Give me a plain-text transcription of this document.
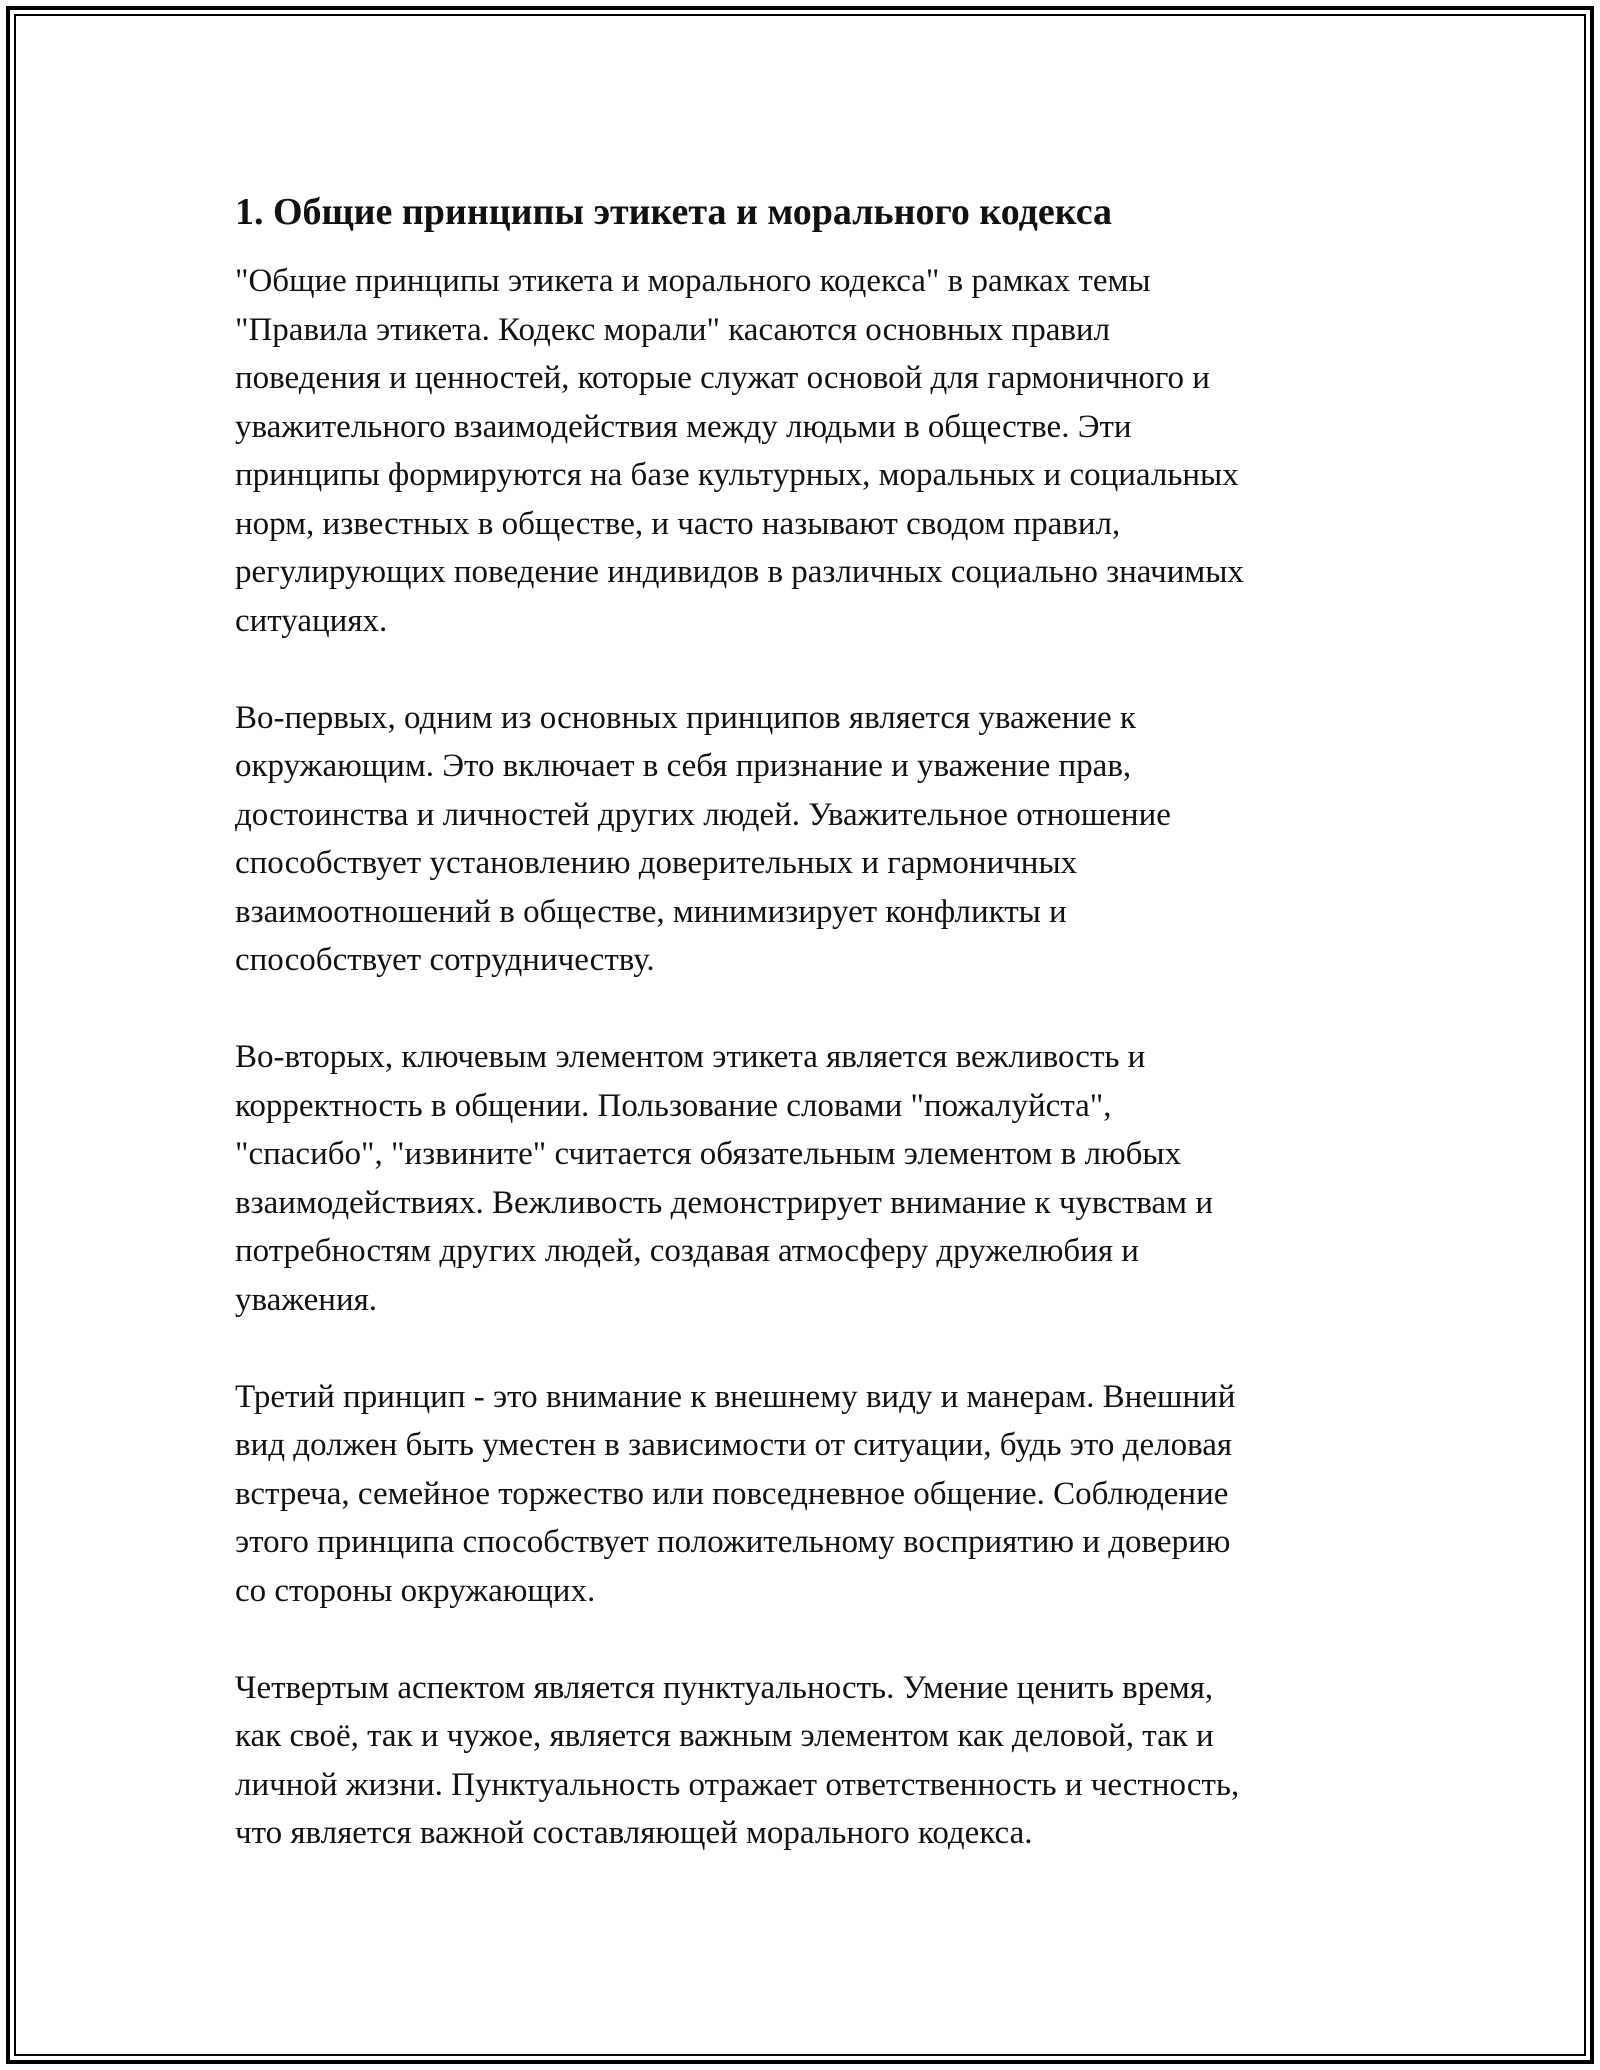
1. Общие принципы этикета и морального кодекса

"Общие принципы этикета и морального кодекса" в рамках темы
"Правила этикета. Кодекс морали" касаются основных правил
поведения и ценностей, которые служат основой для гармоничного и
уважительного взаимодействия между людьми в обществе. Эти
принципы формируются на базе культурных, моральных и социальных
норм, известных в обществе, и часто называют сводом правил,
регулирующих поведение индивидов в различных социально значимых
ситуациях.

Во-первых, одним из основных принципов является уважение к
окружающим. Это включает в себя признание и уважение прав,
достоинства и личностей других людей. Уважительное отношение
способствует установлению доверительных и гармоничных
взаимоотношений в обществе, минимизирует конфликты и
способствует сотрудничеству.

Во-вторых, ключевым элементом этикета является вежливость и
корректность в общении. Пользование словами "пожалуйста",
"спасибо", "извините" считается обязательным элементом в любых
взаимодействиях. Вежливость демонстрирует внимание к чувствам и
потребностям других людей, создавая атмосферу дружелюбия и
уважения.

Третий принцип - это внимание к внешнему виду и манерам. Внешний
вид должен быть уместен в зависимости от ситуации, будь это деловая
встреча, семейное торжество или повседневное общение. Соблюдение
этого принципа способствует положительному восприятию и доверию
со стороны окружающих.

Четвертым аспектом является пунктуальность. Умение ценить время,
как своё, так и чужое, является важным элементом как деловой, так и
личной жизни. Пунктуальность отражает ответственность и честность,
что является важной составляющей морального кодекса.
